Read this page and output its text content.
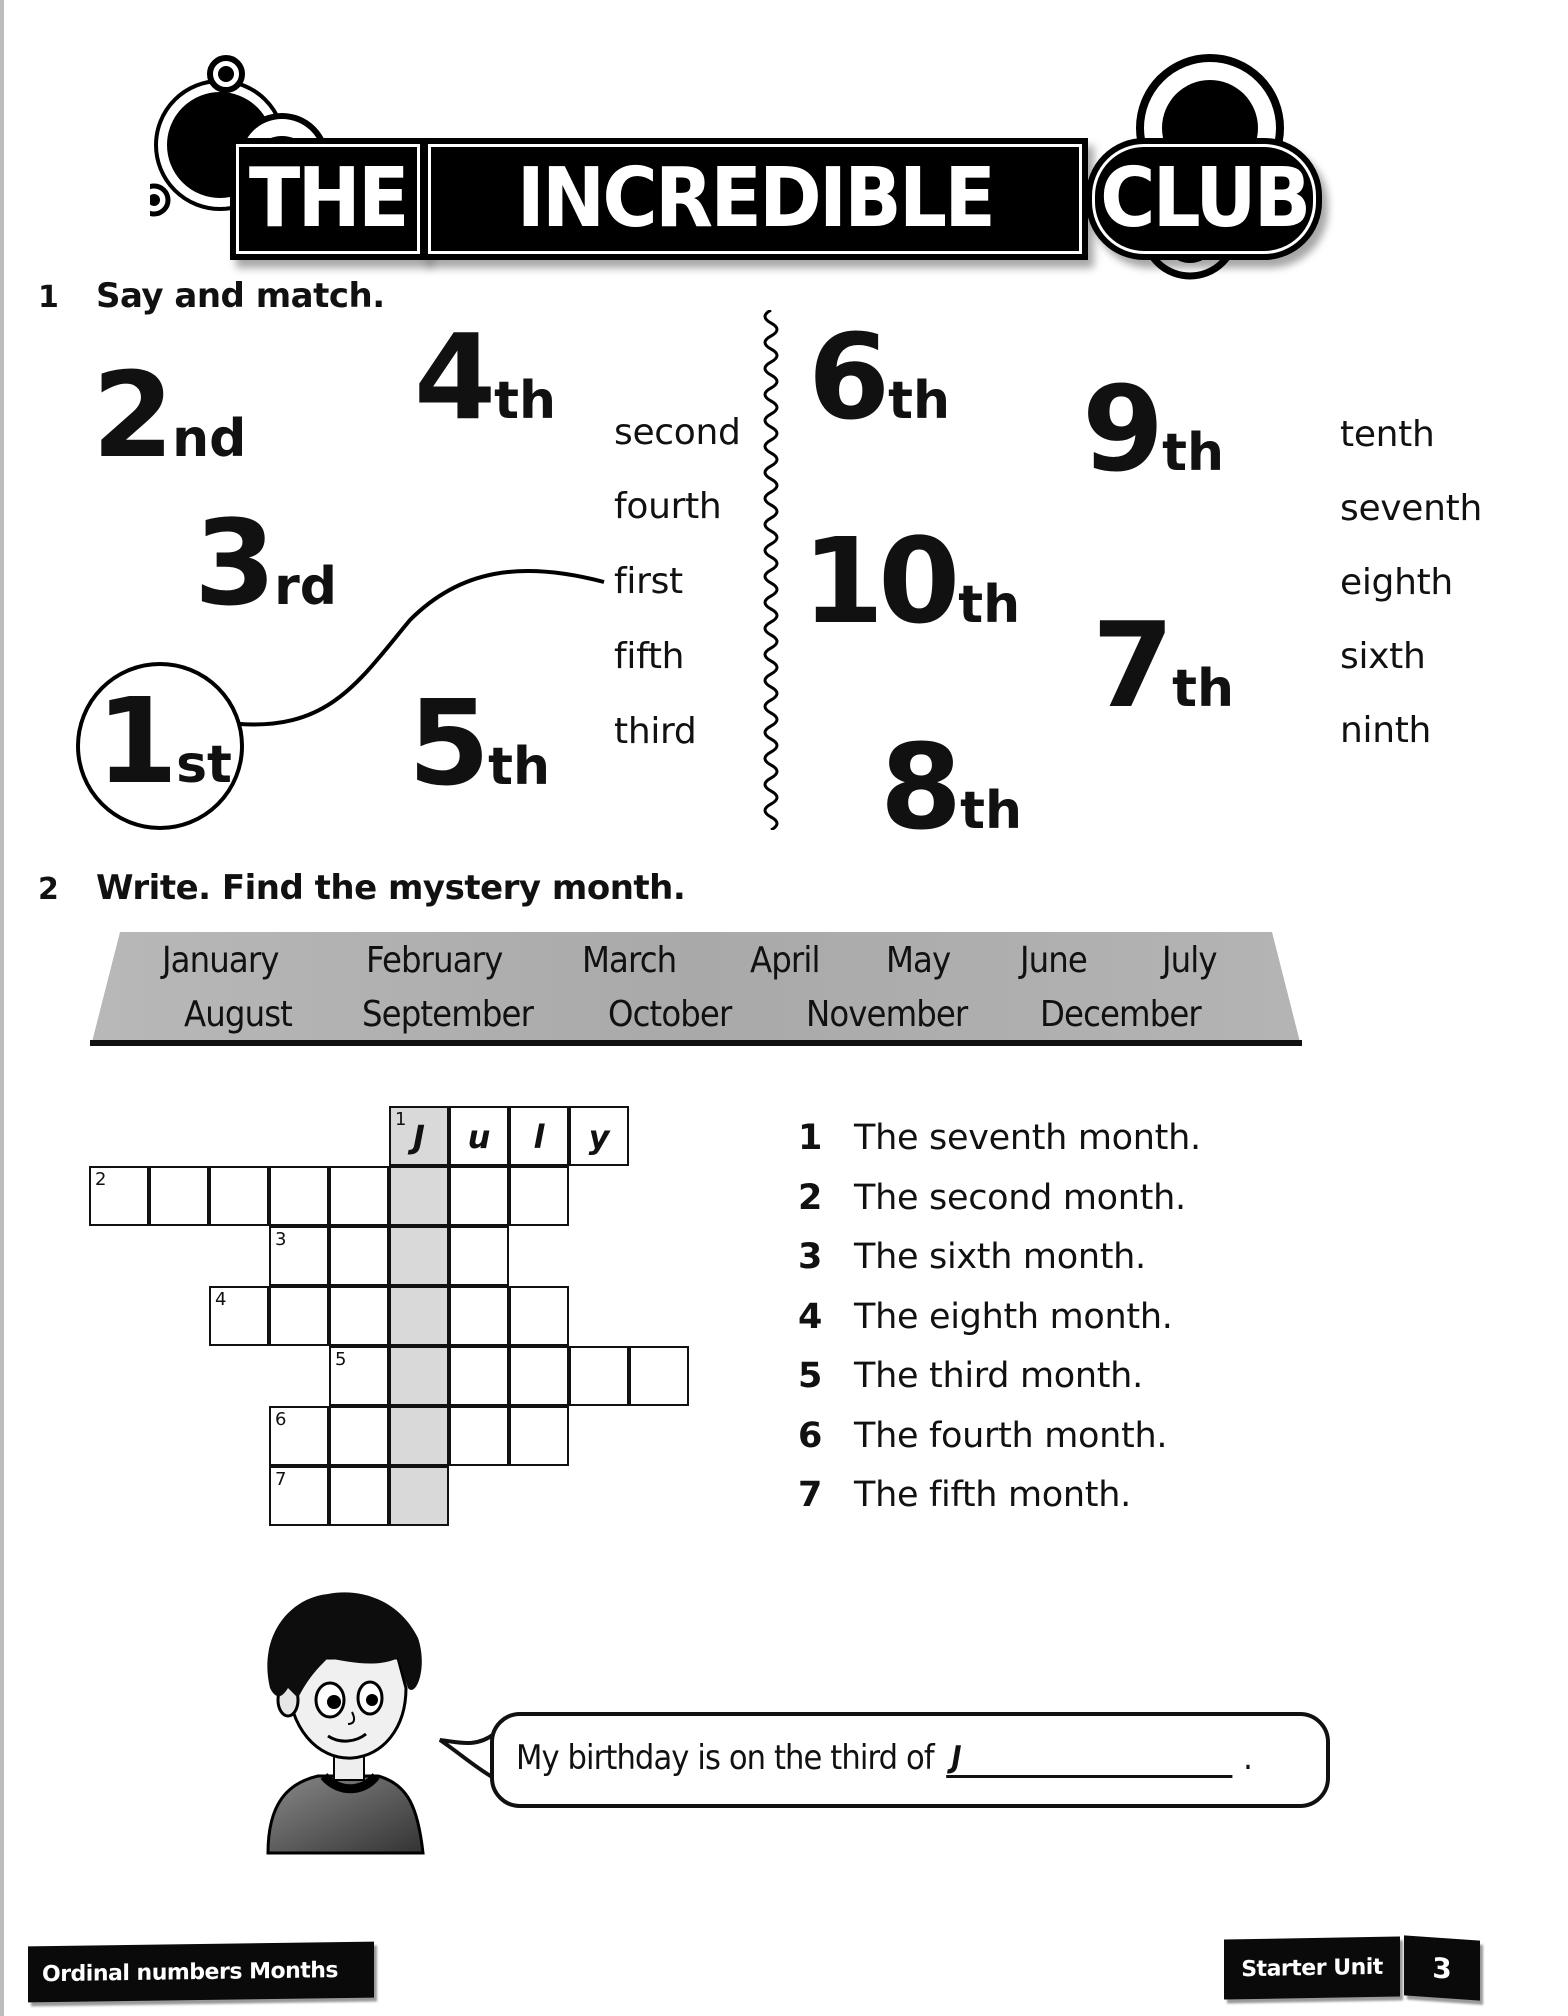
THE INCREDIBLE CLUB
1 Say and match.
2nd 4th
3rd
1st 5th
second
fourth
first
fifth
third
6th 9th
10th 7th
8th
tenth
seventh
eighth
sixth
ninth
2 Write. Find the mystery month.
January February March April May June July
August September October November December
1 J	u	l	y
2
3
4
5
6
7
1 The seventh month.
2 The second month.
3 The sixth month.
4 The eighth month.
5 The third month.
6 The fourth month.
7 The fifth month.
My birthday is on the third of J	.
Ordinal numbers Months	Starter Unit 3
